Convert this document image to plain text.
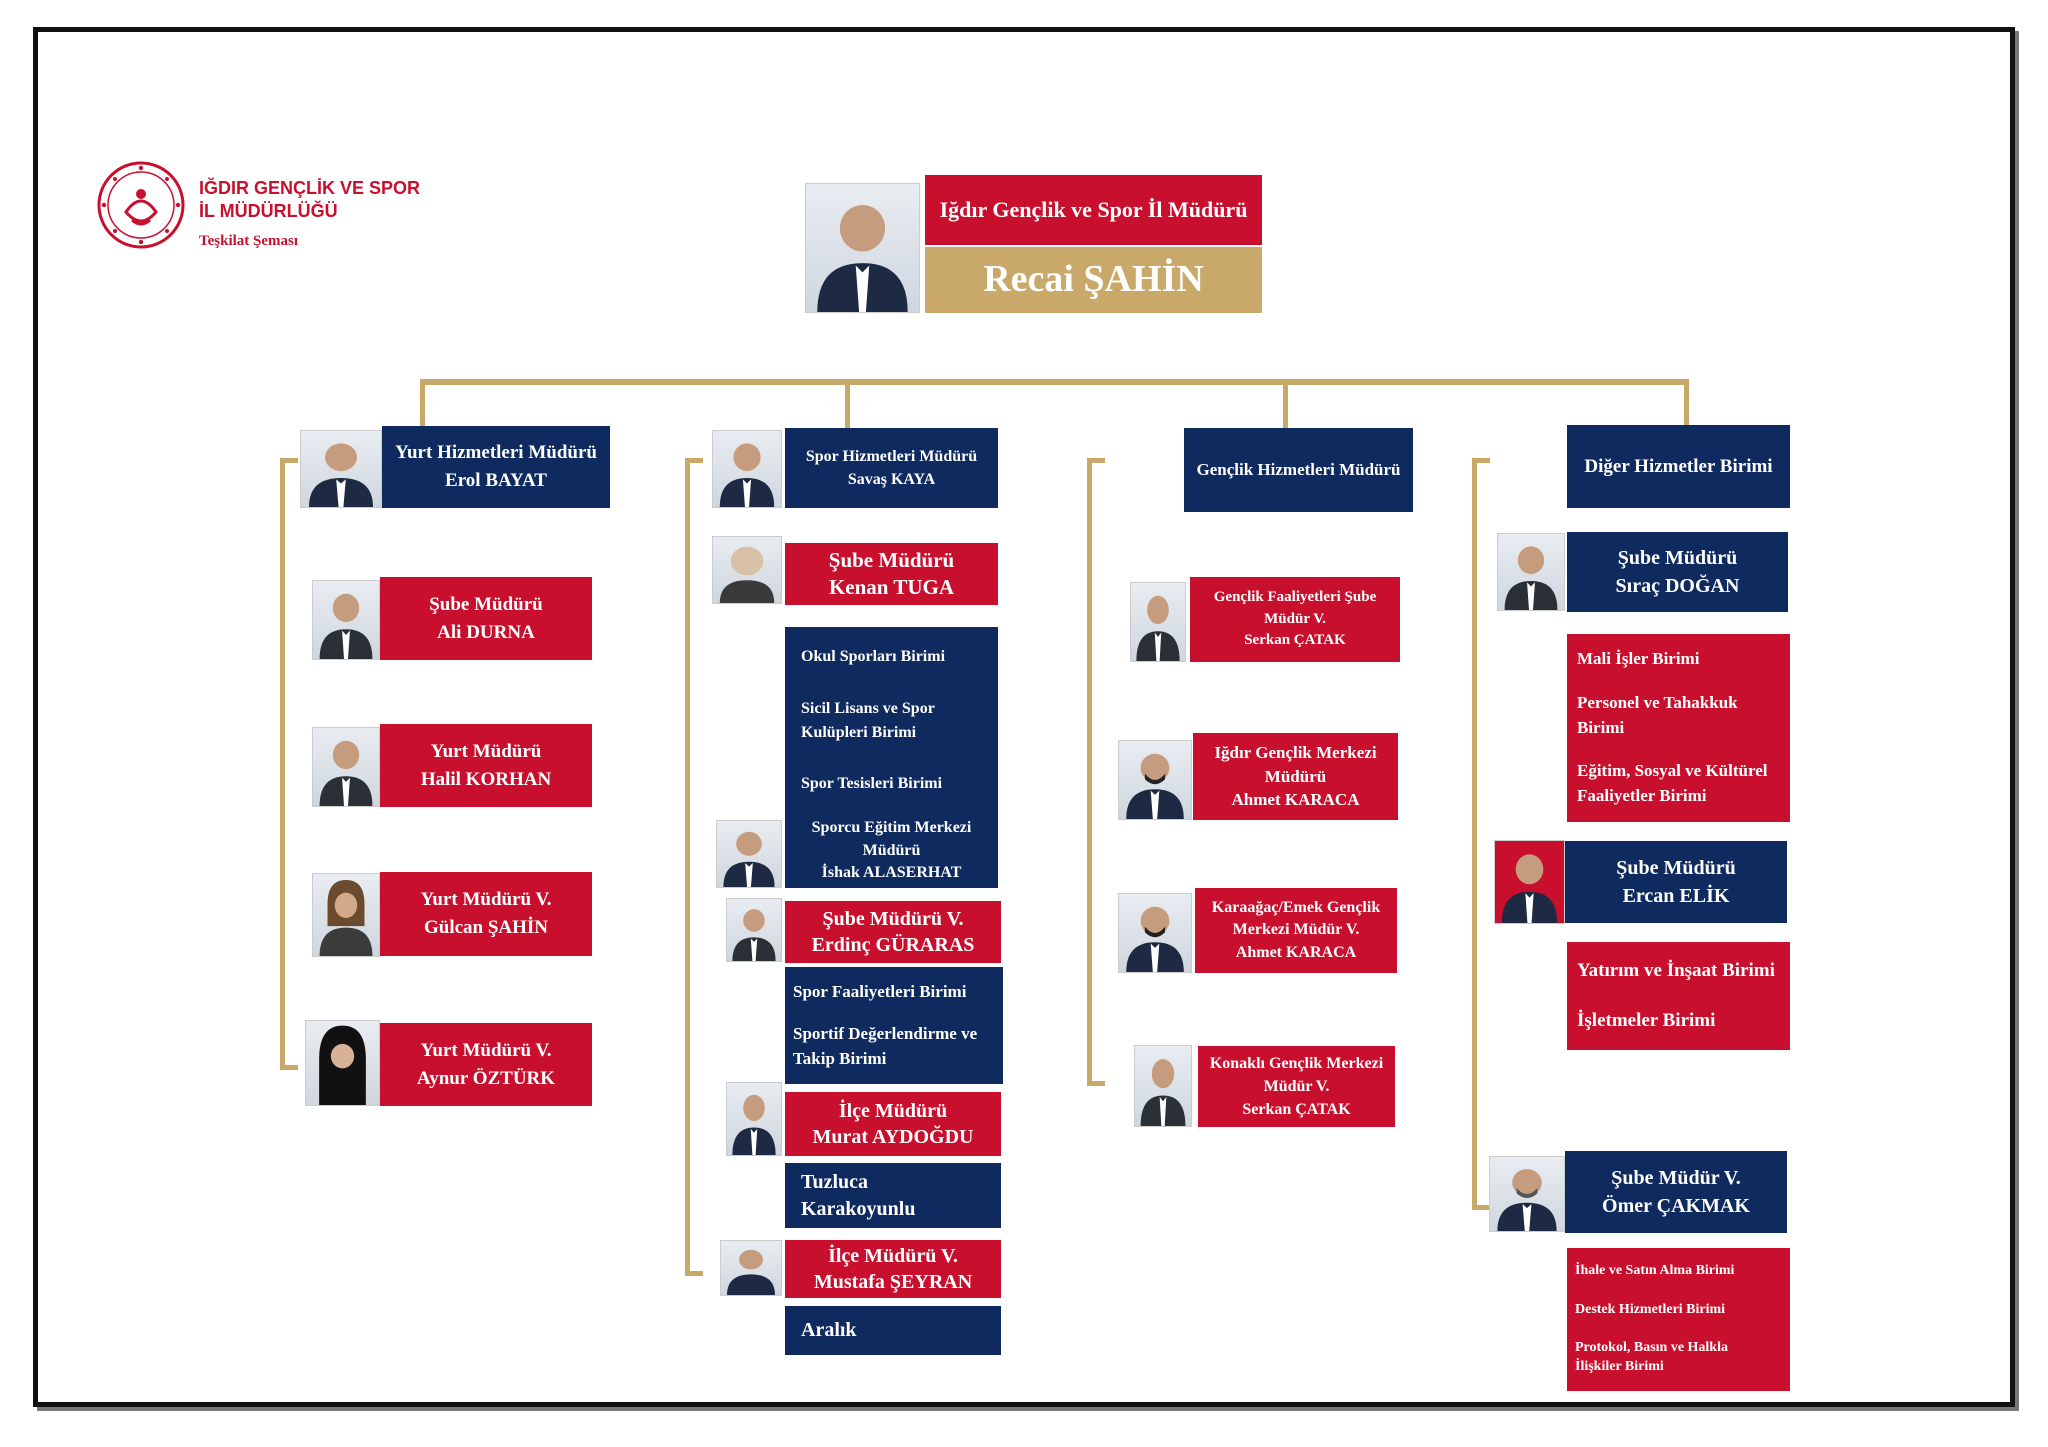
IĞDIR GENÇLİK VE SPOR
İL MÜDÜRLÜĞÜ
Teşkilat Şeması
Iğdır Gençlik ve Spor İl Müdürü
Recai ŞAHİN
Yurt Hizmetleri Müdürü
Erol BAYAT
Şube Müdürü
Ali DURNA
Yurt Müdürü
Halil KORHAN
Yurt Müdürü V.
Gülcan ŞAHİN
Yurt Müdürü V.
Aynur ÖZTÜRK
Spor Hizmetleri Müdürü
Savaş KAYA
Şube Müdürü
Kenan TUGA
Okul Sporları Birimi
Sicil Lisans ve Spor Kulüpleri Birimi
Spor Tesisleri Birimi
Sporcu Eğitim Merkezi
Müdürü
İshak ALASERHAT
Şube Müdürü V.
Erdinç GÜRARAS
Spor Faaliyetleri Birimi
Sportif Değerlendirme ve Takip Birimi
İlçe Müdürü
Murat AYDOĞDU
Tuzluca
Karakoyunlu
İlçe Müdürü V.
Mustafa ŞEYRAN
Aralık
Gençlik Hizmetleri Müdürü
Gençlik Faaliyetleri Şube
Müdür V.
Serkan ÇATAK
Iğdır Gençlik Merkezi
Müdürü
Ahmet KARACA
Karaağaç/Emek Gençlik
Merkezi Müdür V.
Ahmet KARACA
Konaklı Gençlik Merkezi
Müdür V.
Serkan ÇATAK
Diğer Hizmetler Birimi
Şube Müdürü
Sıraç DOĞAN
Mali İşler Birimi
Personel ve Tahakkuk Birimi
Eğitim, Sosyal ve Kültürel Faaliyetler Birimi
Şube Müdürü
Ercan ELİK
Yatırım ve İnşaat Birimi
İşletmeler Birimi
Şube Müdür V.
Ömer ÇAKMAK
İhale ve Satın Alma Birimi
Destek Hizmetleri Birimi
Protokol, Basın ve Halkla İlişkiler Birimi
